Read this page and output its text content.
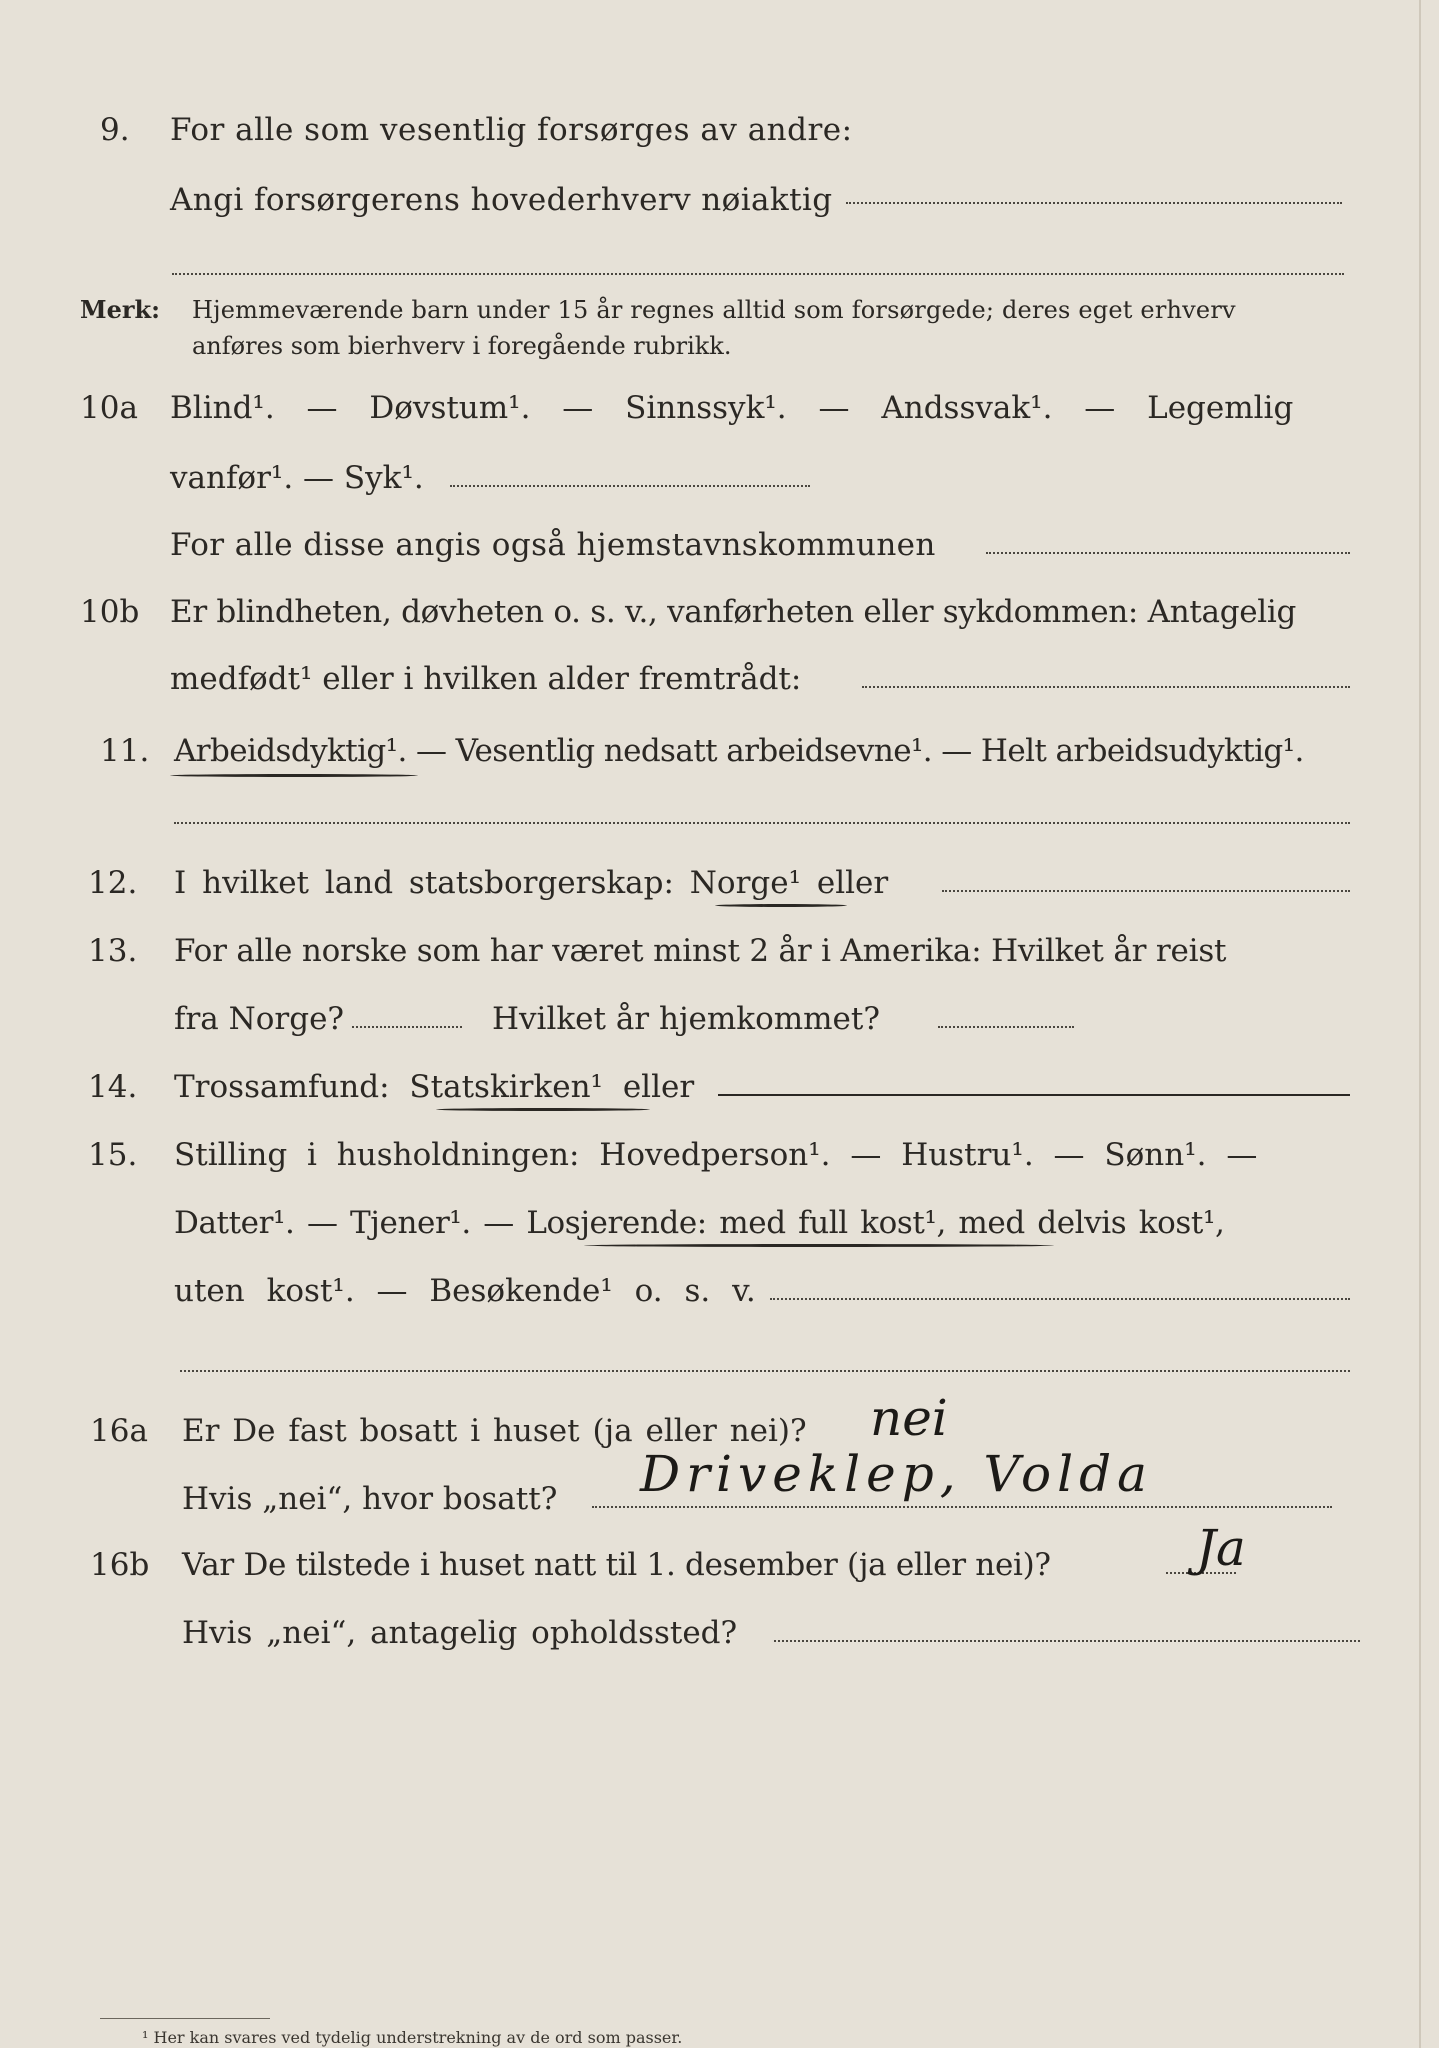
9. For alle som vesentlig forsørges av andre:
Angi forsørgerens hovederhverv nøiaktig
Merk: Hjemmeværende barn under 15 år regnes alltid som forsørgede; deres eget erhverv
anføres som bierhverv i foregående rubrikk.
10a Blind¹. — Døvstum¹. — Sinnssyk¹. — Andssvak¹. — Legemlig
vanfør¹. — Syk¹.
For alle disse angis også hjemstavnskommunen
10b Er blindheten, døvheten o. s. v., vanførheten eller sykdommen: Antagelig
medfødt¹ eller i hvilken alder fremtrådt:
11. Arbeidsdyktig¹. — Vesentlig nedsatt arbeidsevne¹. — Helt arbeidsudyktig¹.
12. I hvilket land statsborgerskap: Norge¹ eller
13. For alle norske som har været minst 2 år i Amerika: Hvilket år reist
fra Norge?	Hvilket år hjemkommet?
14. Trossamfund: Statskirken¹ eller
15. Stilling i husholdningen: Hovedperson¹. — Hustru¹. — Sønn¹. —
Datter¹. — Tjener¹. — Losjerende: med full kost¹, med delvis kost¹,
uten kost¹. — Besøkende¹ o. s. v.
16a Er De fast bosatt i huset (ja eller nei)? nei
Hvis „nei“, hvor bosatt? Driveklep, Volda
16b Var De tilstede i huset natt til 1. desember (ja eller nei)?	Ja
Hvis „nei“, antagelig opholdssted?
¹ Her kan svares ved tydelig understrekning av de ord som passer.
